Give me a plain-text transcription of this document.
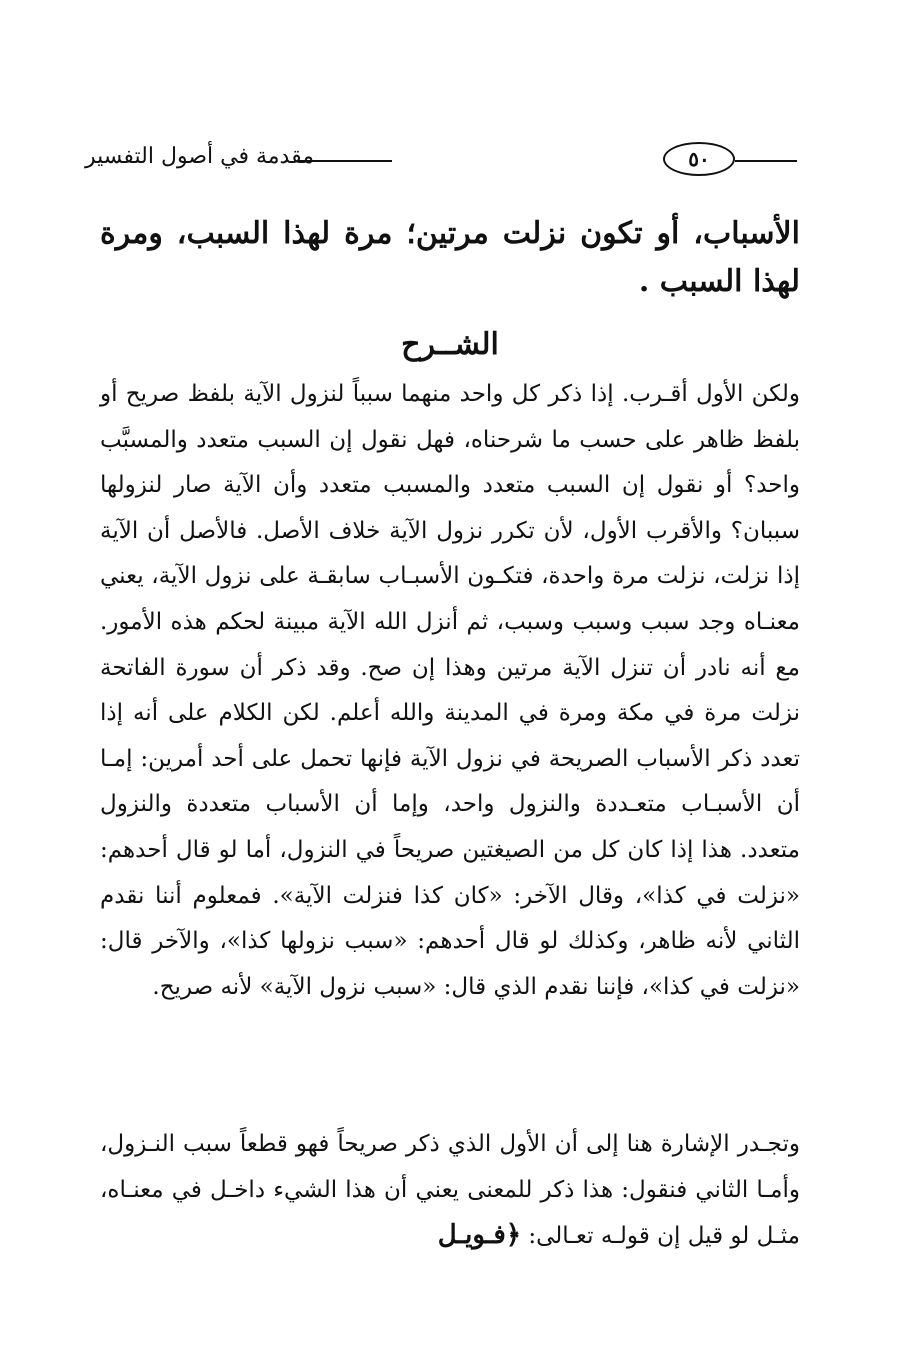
٥٠
مقدمة في أصول التفسير
الأسباب، أو تكون نزلت مرتين؛ مرة لهذا السبب، ومرة لهذا السبب .
الشــرح
ولكن الأول أقـرب. إذا ذكر كل واحد منهما سبباً لنزول الآية بلفظ صريح أو بلفظ ظاهر على حسب ما شرحناه، فهل نقول إن السبب متعدد والمسبَّب واحد؟ أو نقول إن السبب متعدد والمسبب متعدد وأن الآية صار لنزولها سببان؟ والأقرب الأول، لأن تكرر نزول الآية خلاف الأصل. فالأصل أن الآية إذا نزلت، نزلت مرة واحدة، فتكـون الأسبـاب سابقـة على نزول الآية، يعني معنـاه وجد سبب وسبب وسبب، ثم أنزل الله الآية مبينة لحكم هذه الأمور. مع أنه نادر أن تنزل الآية مرتين وهذا إن صح. وقد ذكر أن سورة الفاتحة نزلت مرة في مكة ومرة في المدينة والله أعلم. لكن الكلام على أنه إذا تعدد ذكر الأسباب الصريحة في نزول الآية فإنها تحمل على أحد أمرين: إمـا أن الأسبـاب متعـددة والنزول واحد، وإما أن الأسباب متعددة والنزول متعدد. هذا إذا كان كل من الصيغتين صريحاً في النزول، أما لو قال أحدهم: «نزلت في كذا»، وقال الآخر: «كان كذا فنزلت الآية». فمعلوم أننا نقدم الثاني لأنه ظاهر، وكذلك لو قال أحدهم: «سبب نزولها كذا»، والآخر قال: «نزلت في كذا»، فإننا نقدم الذي قال: «سبب نزول الآية» لأنه صريح.
وتجـدر الإشارة هنا إلى أن الأول الذي ذكر صريحاً فهو قطعاً سبب النـزول، وأمـا الثاني فنقول: هذا ذكر للمعنى يعني أن هذا الشيء داخـل في معنـاه، مثـل لو قيل إن قولـه تعـالى: ﴿فـويـل
